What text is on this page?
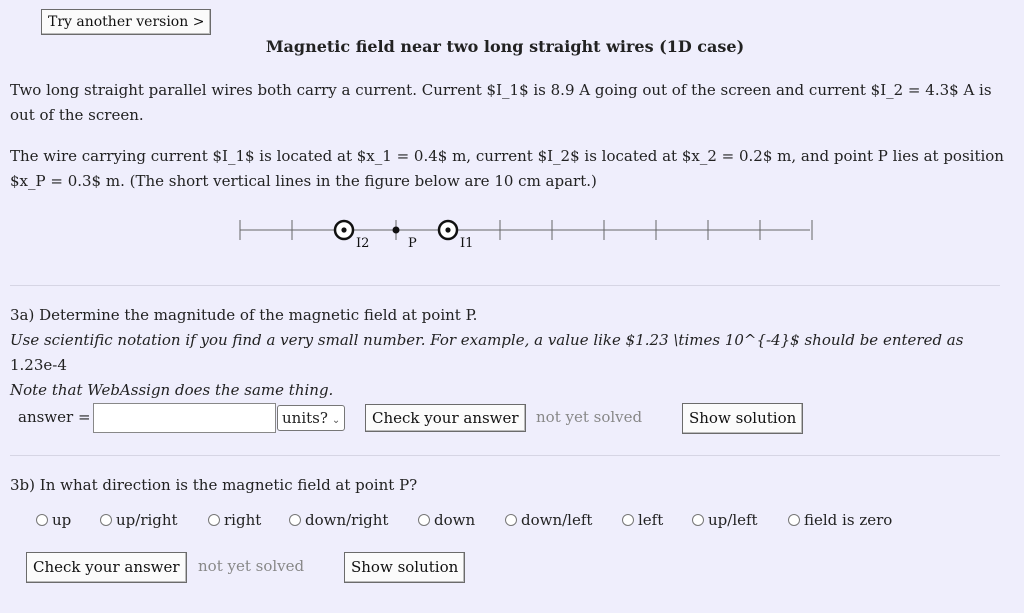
Try another version >
Magnetic field near two long straight wires (1D case)
Two long straight parallel wires both carry a current. Current $I_1$ is 8.9 A going out of the screen and current $I_2 = 4.3$ A is out of the screen.
The wire carrying current $I_1$ is located at $x_1 = 0.4$ m, current $I_2$ is located at $x_2 = 0.2$ m, and point P lies at position $x_P = 0.3$ m. (The short vertical lines in the figure below are 10 cm apart.)
I2	P	I1
3a) Determine the magnitude of the magnetic field at point P.
Use scientific notation if you find a very small number. For example, a value like $1.23 \times 10^{-4}$ should be entered as 1.23e-4
Note that WebAssign does the same thing.
answer =	units? ⌄	Check your answer	not yet solved	Show solution
3b) In what direction is the magnetic field at point P?
up	up/right	right	down/right	down	down/left	left	up/left	field is zero
Check your answer	not yet solved	Show solution
